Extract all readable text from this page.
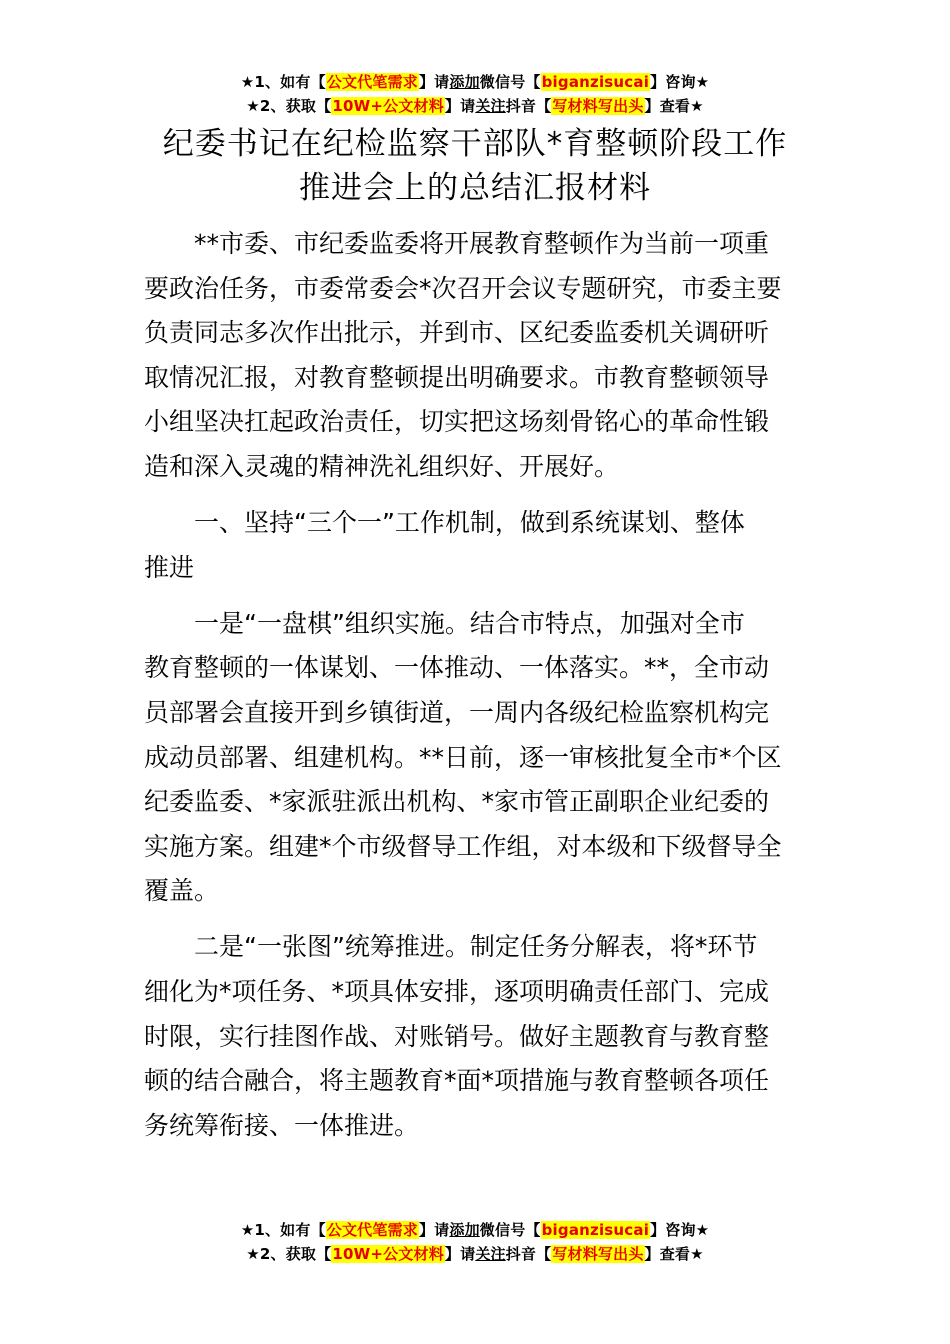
★1、如有【公文代笔需求】请添加微信号【biganzisucai】咨询★
★2、获取【10W+公文材料】请关注抖音【写材料写出头】查看★
纪委书记在纪检监察干部队*育整顿阶段工作
推进会上的总结汇报材料
**市委、市纪委监委将开展教育整顿作为当前一项重
要政治任务，市委常委会*次召开会议专题研究，市委主要
负责同志多次作出批示，并到市、区纪委监委机关调研听
取情况汇报，对教育整顿提出明确要求。市教育整顿领导
小组坚决扛起政治责任，切实把这场刻骨铭心的革命性锻
造和深入灵魂的精神洗礼组织好、开展好。
一、坚持“三个一”工作机制，做到系统谋划、整体
推进
一是“一盘棋”组织实施。结合市特点，加强对全市
教育整顿的一体谋划、一体推动、一体落实。**，全市动
员部署会直接开到乡镇街道，一周内各级纪检监察机构完
成动员部署、组建机构。**日前，逐一审核批复全市*个区
纪委监委、*家派驻派出机构、*家市管正副职企业纪委的
实施方案。组建*个市级督导工作组，对本级和下级督导全
覆盖。
二是“一张图”统筹推进。制定任务分解表，将*环节
细化为*项任务、*项具体安排，逐项明确责任部门、完成
时限，实行挂图作战、对账销号。做好主题教育与教育整
顿的结合融合，将主题教育*面*项措施与教育整顿各项任
务统筹衔接、一体推进。
★1、如有【公文代笔需求】请添加微信号【biganzisucai】咨询★
★2、获取【10W+公文材料】请关注抖音【写材料写出头】查看★
